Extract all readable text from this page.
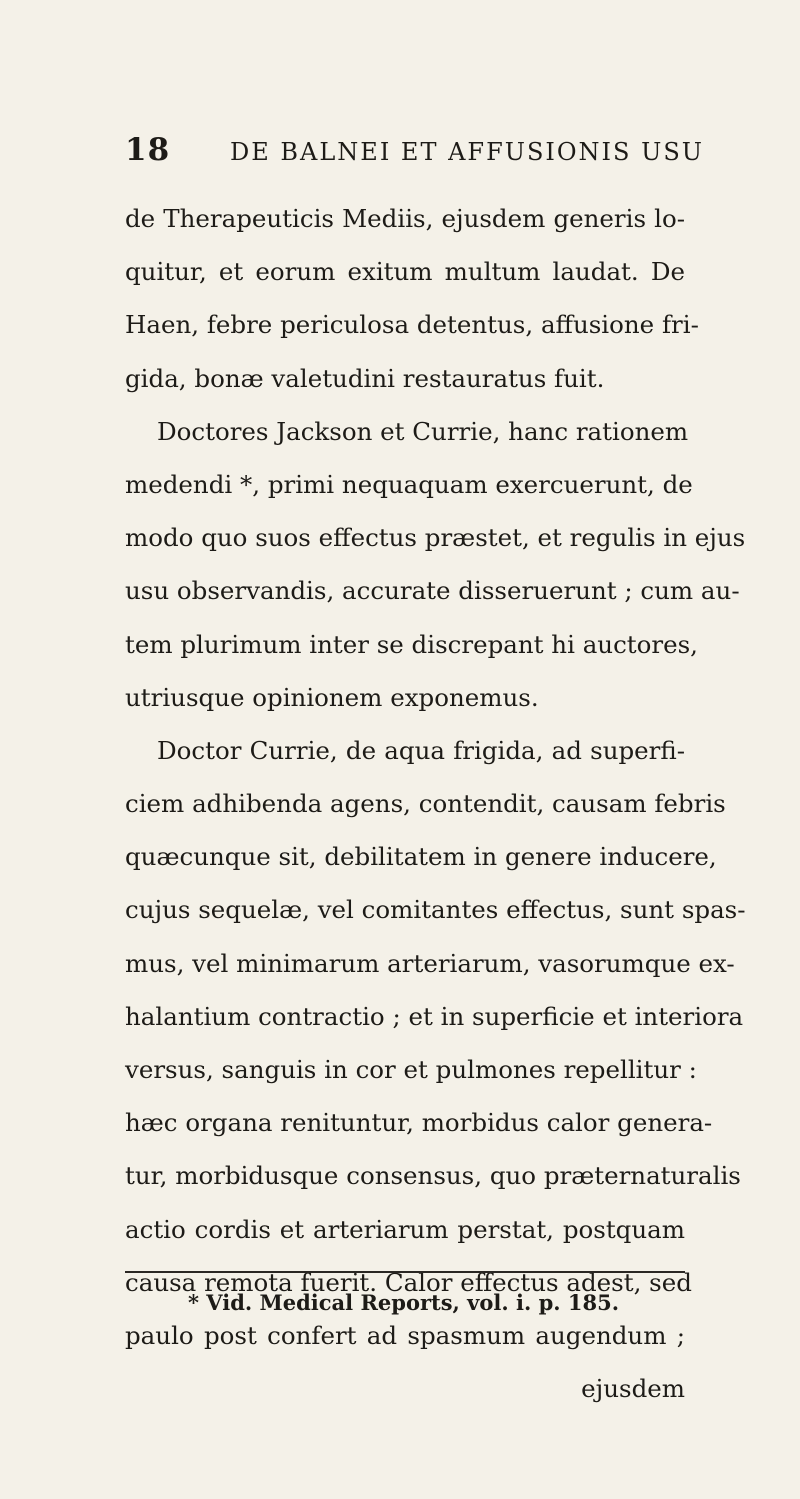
18 DE BALNEI ET AFFUSIONIS USU
de Therapeuticis Mediis, ejusdem generis lo-
quitur, et eorum exitum multum laudat. De
Haen, febre periculosa detentus, affusione fri-
gida, bonæ valetudini restauratus fuit.
Doctores Jackson et Currie, hanc rationem
medendi *, primi nequaquam exercuerunt, de
modo quo suos effectus præstet, et regulis in ejus
usu observandis, accurate disseruerunt ; cum au-
tem plurimum inter se discrepant hi auctores,
utriusque opinionem exponemus.
Doctor Currie, de aqua frigida, ad superfi-
ciem adhibenda agens, contendit, causam febris
quæcunque sit, debilitatem in genere inducere,
cujus sequelæ, vel comitantes effectus, sunt spas-
mus, vel minimarum arteriarum, vasorumque ex-
halantium contractio ; et in superficie et interiora
versus, sanguis in cor et pulmones repellitur :
hæc organa renituntur, morbidus calor genera-
tur, morbidusque consensus, quo præternaturalis
actio cordis et arteriarum perstat, postquam
causa remota fuerit. Calor effectus adest, sed
paulo post confert ad spasmum augendum ;
ejusdem
* Vid. Medical Reports, vol. i. p. 185.
